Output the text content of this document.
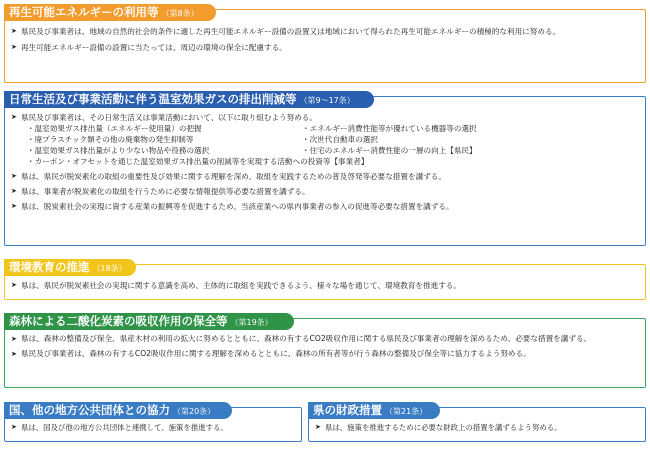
再生可能エネルギーの利用等 （第8条）

➤ 県民及び事業者は、地域の自然的社会的条件に適した再生可能エネルギー設備の設置又は地域において得られた再生可能エネルギーの積極的な利用に努める。

➤ 再生可能エネルギー設備の設置に当たっては、周辺の環境の保全に配慮する。

日常生活及び事業活動に伴う温室効果ガスの排出削減等 （第9～17条）

➤ 県民及び事業者は、その日常生活又は事業活動において、以下に取り組むよう努める。

・温室効果ガス排出量（エネルギー使用量）の把握	・エネルギー消費性能等が優れている機器等の選択
・廃プラスチック類その他の廃棄物の発生抑制等	・次世代自動車の選択
・温室効果ガス排出量がより少ない物品や役務の選択	・住宅のエネルギー消費性能の一層の向上【県民】
・カーボン・オフセットを通じた温室効果ガス排出量の削減等を実現する活動への投資等【事業者】

➤ 県は、県民が脱炭素化の取組の重要性及び効果に関する理解を深め、取組を実践するための普及啓発等必要な措置を講ずる。

➤ 県は、事業者が脱炭素化の取組を行うために必要な情報提供等必要な措置を講ずる。

➤ 県は、脱炭素社会の実現に資する産業の振興等を促進するため、当該産業への県内事業者の参入の促進等必要な措置を講ずる。

環境教育の推進 （18条）

➤ 県は、県民が脱炭素社会の実現に関する意識を高め、主体的に取組を実践できるよう、様々な場を通じて、環境教育を推進する。

森林による二酸化炭素の吸収作用の保全等 （第19条）

➤ 県は、森林の整備及び保全、県産木材の利用の拡大に努めるとともに、森林の有するCO2吸収作用に関する県民及び事業者の理解を深めるため、必要な措置を講ずる。

➤ 県民及び事業者は、森林の有するCO2吸収作用に関する理解を深めるとともに、森林の所有者等が行う森林の整備及び保全等に協力するよう努める。

国、他の地方公共団体との協力 （第20条）

➤ 県は、国及び他の地方公共団体と連携して、施策を推進する。

県の財政措置 （第21条）

➤ 県は、施策を推進するために必要な財政上の措置を講ずるよう努める。
